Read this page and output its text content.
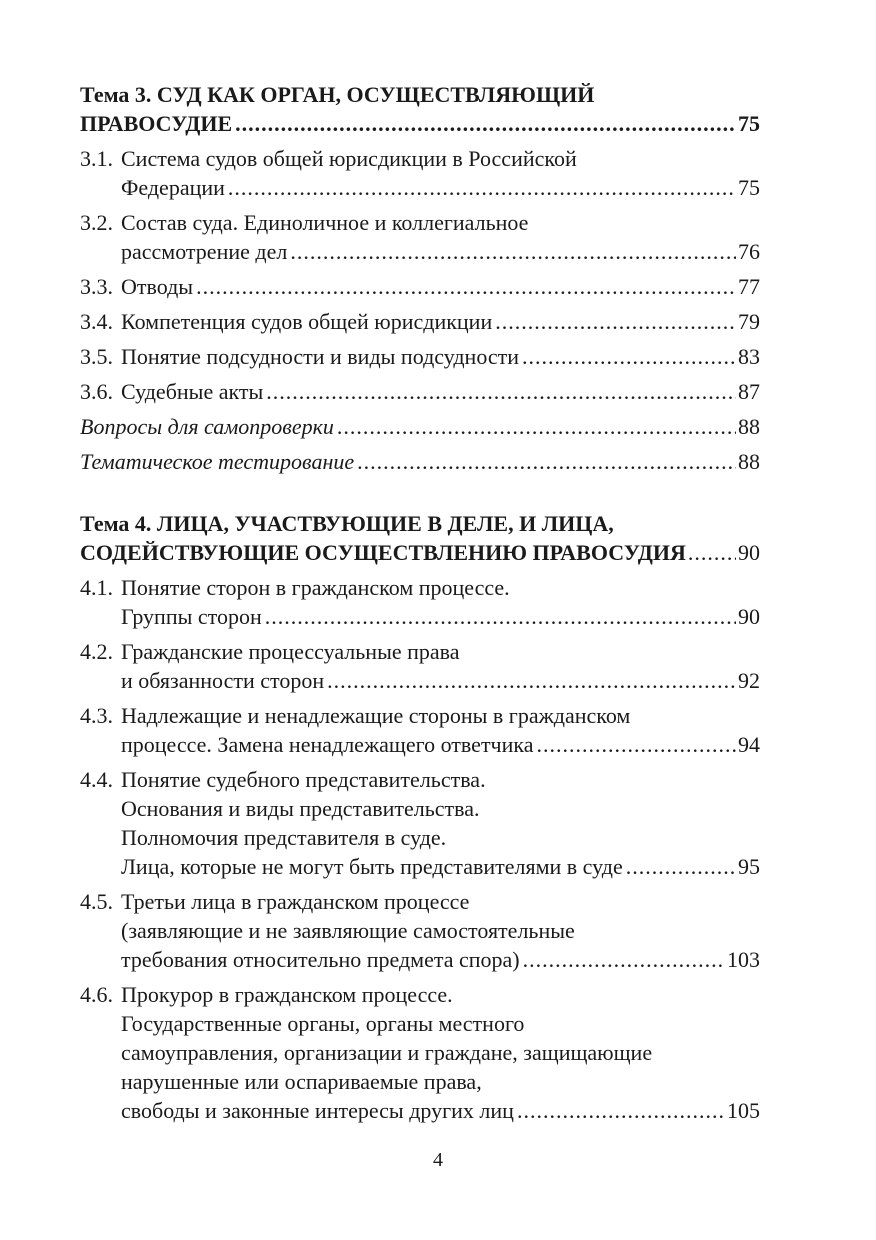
Тема 3. СУД КАК ОРГАН, ОСУЩЕСТВЛЯЮЩИЙ
ПРАВОСУДИЕ .....	75
3.1. Система судов общей юрисдикции в Российской
Федерации .....	75
3.2. Состав суда. Единоличное и коллегиальное
рассмотрение дел .....	76
3.3. Отводы .....	77
3.4. Компетенция судов общей юрисдикции .....	79
3.5. Понятие подсудности и виды подсудности .....	83
3.6. Судебные акты .....	87
Вопросы для самопроверки .....	88
Тематическое тестирование .....	88
Тема 4. ЛИЦА, УЧАСТВУЮЩИЕ В ДЕЛЕ, И ЛИЦА,
СОДЕЙСТВУЮЩИЕ ОСУЩЕСТВЛЕНИЮ ПРАВОСУДИЯ ..... 90
4.1. Понятие сторон в гражданском процессе.
Группы сторон .....	90
4.2. Гражданские процессуальные права
и обязанности сторон .....	92
4.3. Надлежащие и ненадлежащие стороны в гражданском
процессе. Замена ненадлежащего ответчика .....	94
4.4. Понятие судебного представительства.
Основания и виды представительства.
Полномочия представителя в суде.
Лица, которые не могут быть представителями в суде .....	95
4.5. Третьи лица в гражданском процессе
(заявляющие и не заявляющие самостоятельные
требования относительно предмета спора) .....	103
4.6. Прокурор в гражданском процессе.
Государственные органы, органы местного
самоуправления, организации и граждане, защищающие
нарушенные или оспариваемые права,
свободы и законные интересы других лиц .....	105
4
